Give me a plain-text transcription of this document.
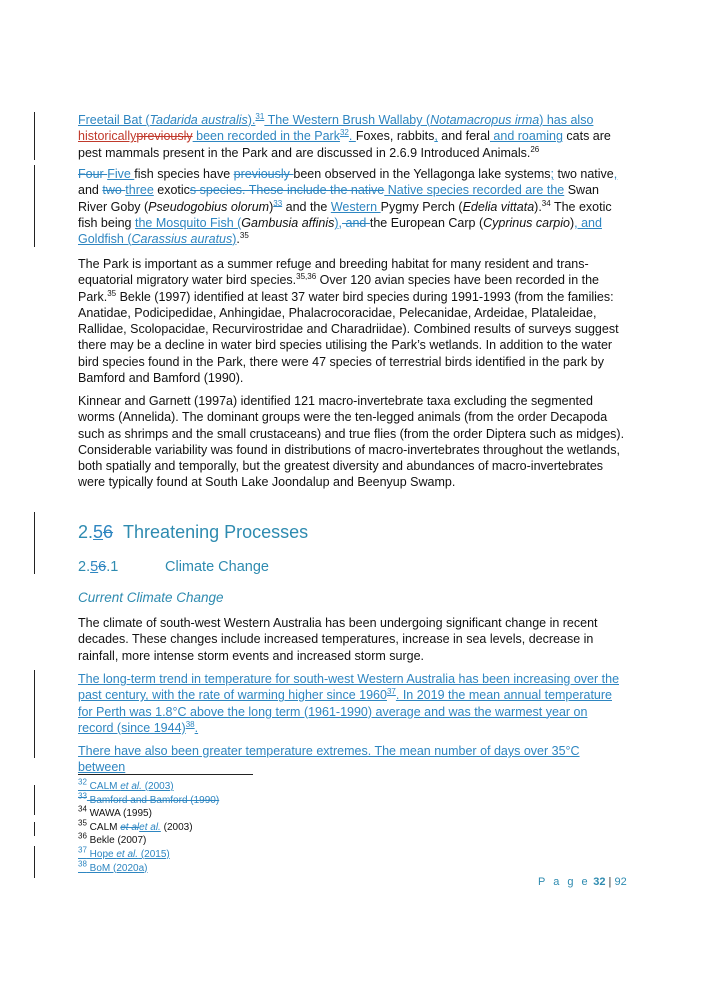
Freetail Bat (Tadarida australis).$^{31}$ The Western Brush Wallaby (Notamacropus irma) has also historicallypreviously been recorded in the Park$^{32}$. Foxes, rabbits, and feral and roaming cats are pest mammals present in the Park and are discussed in 2.6.9 Introduced Animals.$^{26}$

Four Five fish species have previously been observed in the Yellagonga lake systems; two native, and two three exotics species. These include the native Native species recorded are the Swan River Goby (Pseudogobius olorum)$^{33}$ and the Western Pygmy Perch (Edelia vittata).$^{34}$ The exotic fish being the Mosquito Fish (Gambusia affinis), and the European Carp (Cyprinus carpio), and Goldfish (Carassius auratus).$^{35}$

The Park is important as a summer refuge and breeding habitat for many resident and trans-equatorial migratory water bird species.$^{35,36}$ Over 120 avian species have been recorded in the Park.$^{35}$ Bekle (1997) identified at least 37 water bird species during 1991-1993 (from the families: Anatidae, Podicipedidae, Anhingidae, Phalacrocoracidae, Pelecanidae, Ardeidae, Plataleidae, Rallidae, Scolopacidae, Recurvirostridae and Charadriidae). Combined results of surveys suggest there may be a decline in water bird species utilising the Park’s wetlands. In addition to the water bird species found in the Park, there were 47 species of terrestrial birds identified in the park by Bamford and Bamford (1990).

Kinnear and Garnett (1997a) identified 121 macro-invertebrate taxa excluding the segmented worms (Annelida). The dominant groups were the ten-legged animals (from the order Decapoda such as shrimps and the small crustaceans) and true flies (from the order Diptera such as midges). Considerable variability was found in distributions of macro-invertebrates throughout the wetlands, both spatially and temporally, but the greatest diversity and abundances of macro-invertebrates were typically found at South Lake Joondalup and Beenyup Swamp.

2.56 Threatening Processes
2.56.1	Climate Change
Current Climate Change

The climate of south-west Western Australia has been undergoing significant change in recent decades. These changes include increased temperatures, increase in sea levels, decrease in rainfall, more intense storm events and increased storm surge.

The long-term trend in temperature for south-west Western Australia has been increasing over the past century, with the rate of warming higher since 1960$^{37}$. In 2019 the mean annual temperature for Perth was 1.8°C above the long term (1961-1990) average and was the warmest year on record (since 1944)$^{38}$.

There have also been greater temperature extremes. The mean number of days over 35°C between

$^{32}$ CALM et al. (2003)
$^{33}$ Bamford and Bamford (1990)
$^{34}$ WAWA (1995)
$^{35}$ CALM et alet al. (2003)
$^{36}$ Bekle (2007)
$^{37}$ Hope et al. (2015)
$^{38}$ BoM (2020a)
P a g e 32 | 92
